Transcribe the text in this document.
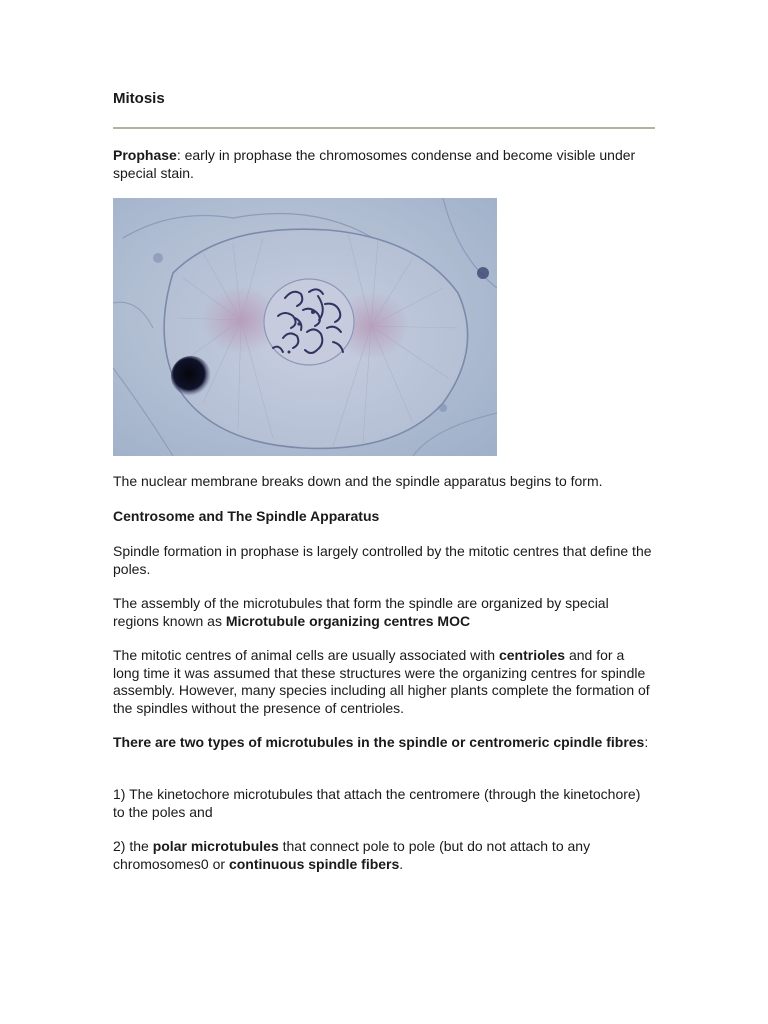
Mitosis

Prophase: early in prophase the chromosomes condense and become visible under special stain.

The nuclear membrane breaks down and the spindle apparatus begins to form.

Centrosome and The Spindle Apparatus

Spindle formation in prophase is largely controlled by the mitotic centres that define the poles.

The assembly of the microtubules that form the spindle are organized by special regions known as Microtubule organizing centres MOC

The mitotic centres of animal cells are usually associated with centrioles and for a long time it was assumed that these structures were the organizing centres for spindle assembly. However, many species including all higher plants complete the formation of the spindles without the presence of centrioles.

There are two types of microtubules in the spindle or centromeric cpindle fibres:

1) The kinetochore microtubules that attach the centromere (through the kinetochore) to the poles and

2) the polar microtubules that connect pole to pole (but do not attach to any chromosomes0 or continuous spindle fibers.
